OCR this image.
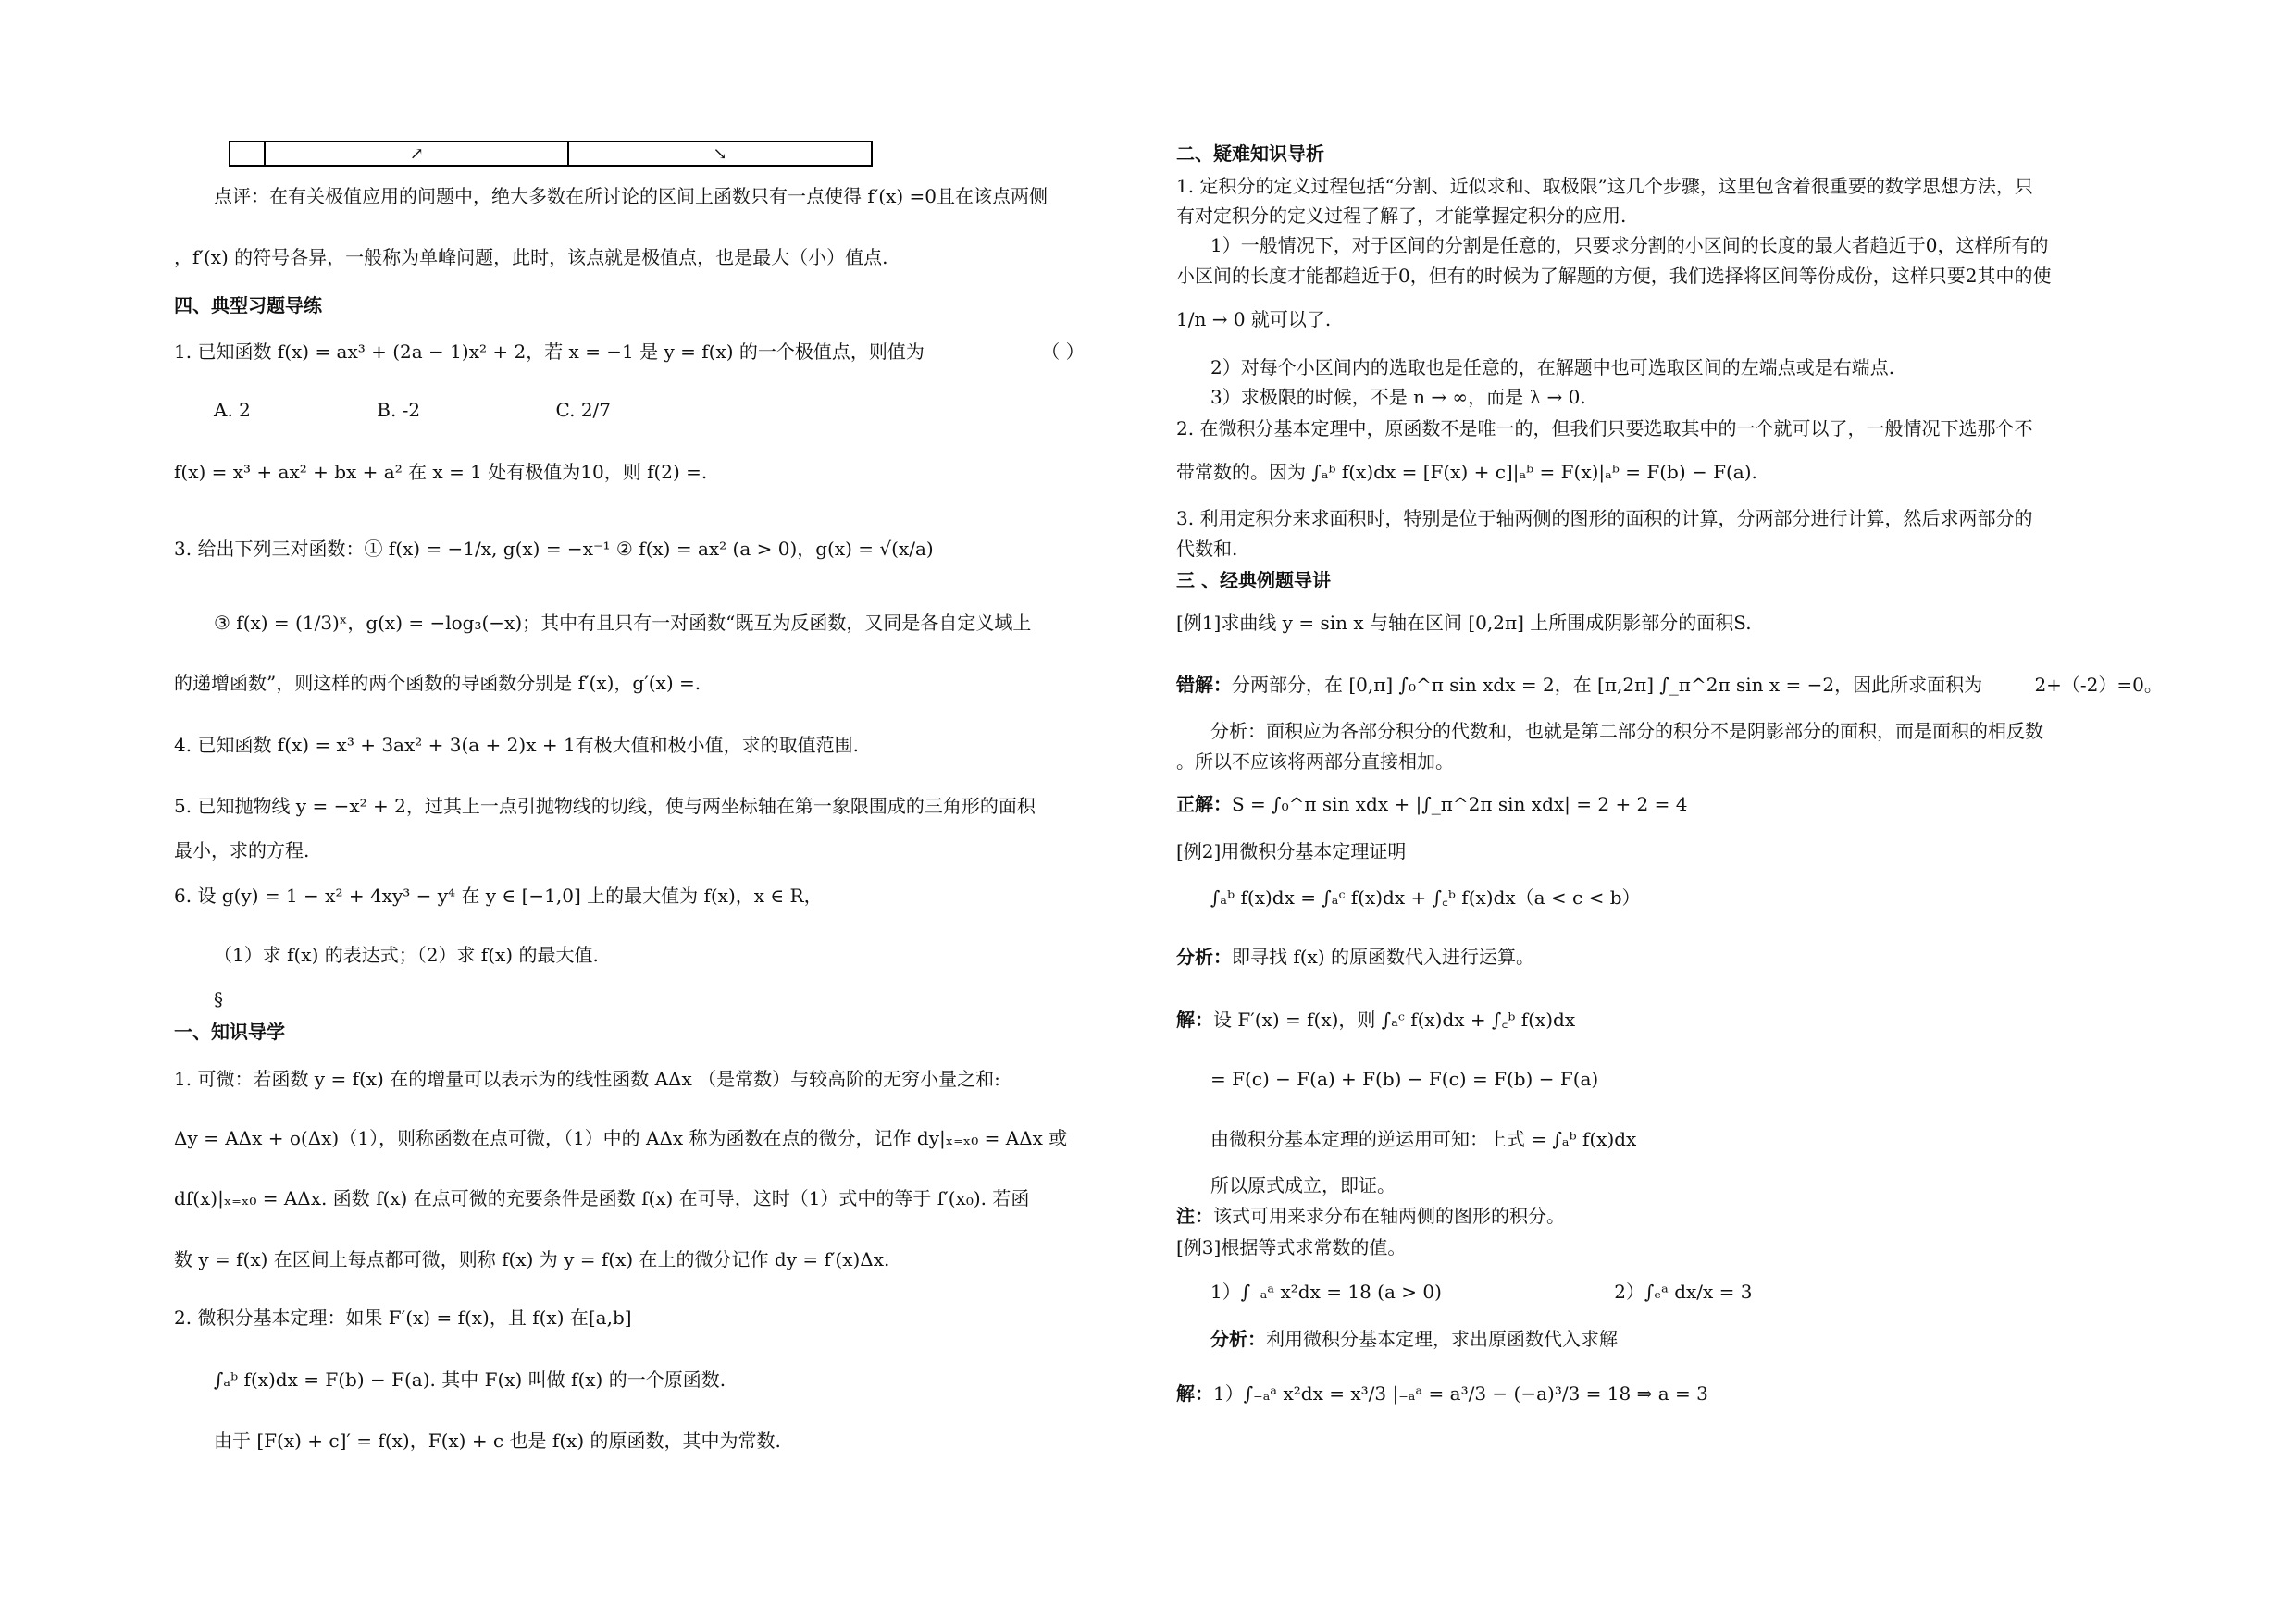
	↗	↘
点评：在有关极值应用的问题中，绝大多数在所讨论的区间上函数只有一点使得 f′(x) =0且在该点两侧
，f′(x) 的符号各异，一般称为单峰问题，此时，该点就是极值点，也是最大（小）值点.
四、典型习题导练
1. 已知函数 f(x) = ax³ + (2a − 1)x² + 2，若 x = −1 是 y = f(x) 的一个极值点，则值为	（ ）
A. 2	B. -2	C. 2/7
f(x) = x³ + ax² + bx + a² 在 x = 1 处有极值为10，则 f(2) =.
3. 给出下列三对函数：① f(x) = −1/x, g(x) = −x⁻¹ ② f(x) = ax² (a > 0)，g(x) = √(x/a)
③ f(x) = (1/3)ˣ，g(x) = −log₃(−x)；其中有且只有一对函数“既互为反函数，又同是各自定义域上
的递增函数”，则这样的两个函数的导函数分别是 f′(x)，g′(x) =.
4. 已知函数 f(x) = x³ + 3ax² + 3(a + 2)x + 1有极大值和极小值，求的取值范围.
5. 已知抛物线 y = −x² + 2，过其上一点引抛物线的切线，使与两坐标轴在第一象限围成的三角形的面积
最小，求的方程.
6. 设 g(y) = 1 − x² + 4xy³ − y⁴ 在 y ∈ [−1,0] 上的最大值为 f(x)，x ∈ R，
（1）求 f(x) 的表达式；（2）求 f(x) 的最大值.
§
一、知识导学
1. 可微：若函数 y = f(x) 在的增量可以表示为的线性函数 AΔx （是常数）与较高阶的无穷小量之和:
Δy = AΔx + o(Δx)（1），则称函数在点可微，（1）中的 AΔx 称为函数在点的微分，记作 dy|ₓ₌ₓ₀ = AΔx 或
df(x)|ₓ₌ₓ₀ = AΔx. 函数 f(x) 在点可微的充要条件是函数 f(x) 在可导，这时（1）式中的等于 f′(x₀). 若函
数 y = f(x) 在区间上每点都可微，则称 f(x) 为 y = f(x) 在上的微分记作 dy = f′(x)Δx.
2. 微积分基本定理：如果 F′(x) = f(x)，且 f(x) 在[a,b]
∫ₐᵇ f(x)dx = F(b) − F(a). 其中 F(x) 叫做 f(x) 的一个原函数.
由于 [F(x) + c]′ = f(x)，F(x) + c 也是 f(x) 的原函数，其中为常数.
二、疑难知识导析
1. 定积分的定义过程包括“分割、近似求和、取极限”这几个步骤，这里包含着很重要的数学思想方法，只
有对定积分的定义过程了解了，才能掌握定积分的应用.
1）一般情况下，对于区间的分割是任意的，只要求分割的小区间的长度的最大者趋近于0，这样所有的
小区间的长度才能都趋近于0，但有的时候为了解题的方便，我们选择将区间等份成份，这样只要2其中的使
1/n → 0 就可以了.
2）对每个小区间内的选取也是任意的，在解题中也可选取区间的左端点或是右端点.
3）求极限的时候，不是 n → ∞，而是 λ → 0.
2. 在微积分基本定理中，原函数不是唯一的，但我们只要选取其中的一个就可以了，一般情况下选那个不
带常数的。因为 ∫ₐᵇ f(x)dx = [F(x) + c]|ₐᵇ = F(x)|ₐᵇ = F(b) − F(a).
3. 利用定积分来求面积时，特别是位于轴两侧的图形的面积的计算，分两部分进行计算，然后求两部分的
代数和.
三 、经典例题导讲
[例1]求曲线 y = sin x 与轴在区间 [0,2π] 上所围成阴影部分的面积S.
错解：分两部分，在 [0,π] ∫₀^π sin xdx = 2，在 [π,2π] ∫_π^2π sin x = −2，因此所求面积为	2+（-2）=0。
分析：面积应为各部分积分的代数和，也就是第二部分的积分不是阴影部分的面积，而是面积的相反数
。所以不应该将两部分直接相加。
正解：S = ∫₀^π sin xdx + |∫_π^2π sin xdx| = 2 + 2 = 4
[例2]用微积分基本定理证明
∫ₐᵇ f(x)dx = ∫ₐᶜ f(x)dx + ∫꜀ᵇ f(x)dx（a < c < b）
分析：即寻找 f(x) 的原函数代入进行运算。
解：设 F′(x) = f(x)，则 ∫ₐᶜ f(x)dx + ∫꜀ᵇ f(x)dx
= F(c) − F(a) + F(b) − F(c) = F(b) − F(a)
由微积分基本定理的逆运用可知：上式 = ∫ₐᵇ f(x)dx
所以原式成立，即证。
注：该式可用来求分布在轴两侧的图形的积分。
[例3]根据等式求常数的值。
1）∫₋ₐᵃ x²dx = 18 (a > 0)	2）∫ₑᵃ dx/x = 3
分析：利用微积分基本定理，求出原函数代入求解
解：1）∫₋ₐᵃ x²dx = x³/3 |₋ₐᵃ = a³/3 − (−a)³/3 = 18 ⇒ a = 3
